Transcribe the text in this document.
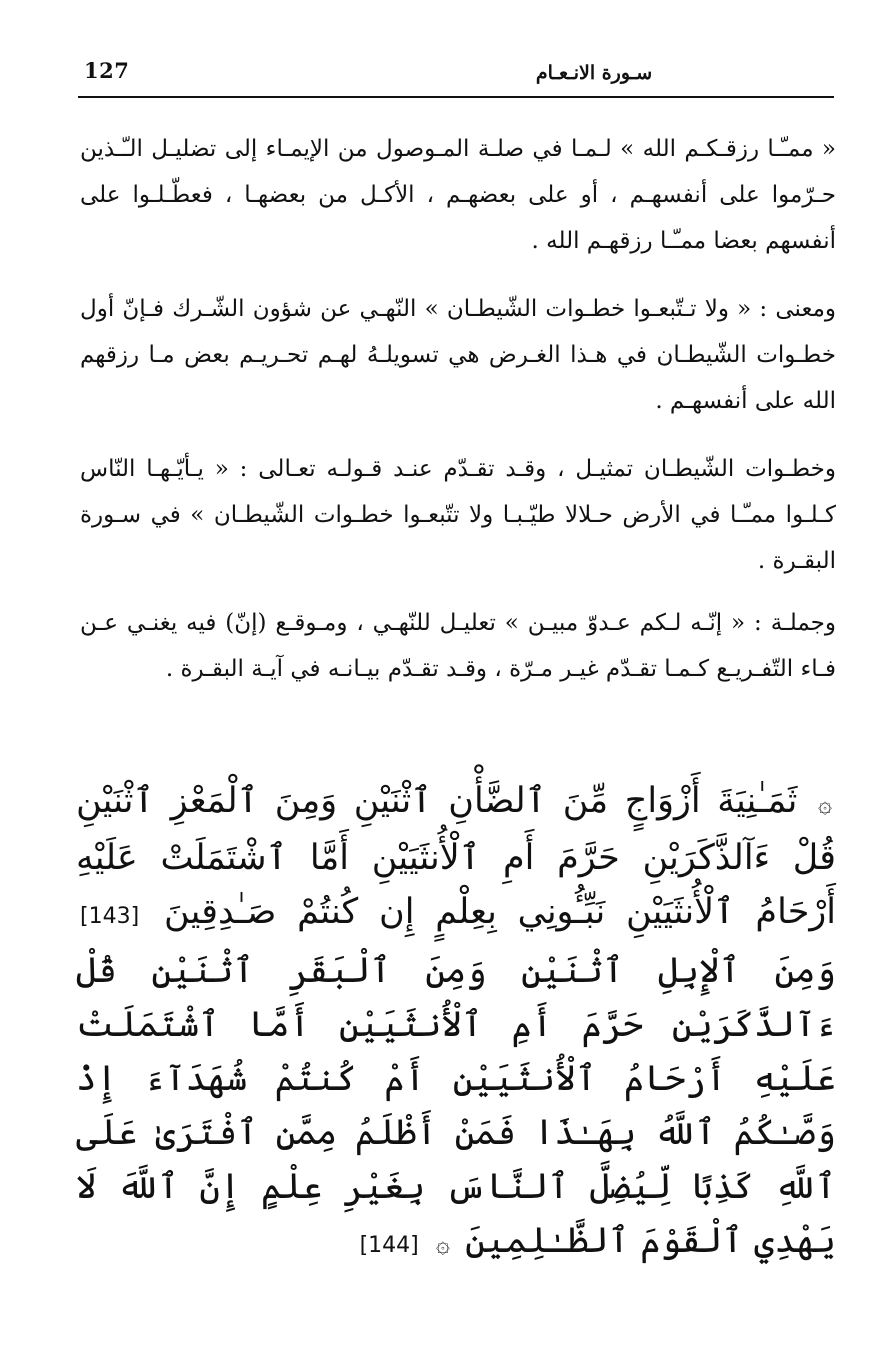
127	سـورة الانـعـام

« ممـّـا رزقـكـم الله » لـمـا في صلـة المـوصول من الإيمـاء إلى تضليـل الـّـذين حـرّموا على أنفسهـم ، أو على بعضهـم ، الأكـل من بعضهـا ، فعطّـلـوا على أنفسهم بعضا ممـّـا رزقهـم الله .

ومعنى : « ولا تـتّبعـوا خطـوات الشّيطـان » النّهـي عن شؤون الشّـرك فـإنّ أول خطـوات الشّيطـان في هـذا الغـرض هي تسويلـهُ لهـم تحـريـم بعض مـا رزقهم الله على أنفسهـم .

وخطـوات الشّيطـان تمثيـل ، وقـد تقـدّم عنـد قـولـه تعـالى : « يـأيّـهـا النّاس كـلـوا ممـّـا في الأرض حـلالا طيّـبـا ولا تتّبعـوا خطـوات الشّيطـان » في سـورة البقـرة .

وجملـة : « إنّـه لـكم عـدوّ مبيـن » تعليـل للنّهـي ، ومـوقـع (إنّ) فيه يغنـي عـن فـاء التّفـريـع كـمـا تقـدّم غيـر مـرّة ، وقـد تقـدّم بيـانـه في آيـة البقـرة .

۞ ثَمَـٰنِيَةَ أَزْوَاجٍ مِّنَ ٱلضَّأْنِ ٱثْنَيْنِ وَمِنَ ٱلْمَعْزِ ٱثْنَيْنِ قُلْ ءَآلذَّكَرَيْنِ حَرَّمَ أَمِ ٱلْأُنثَيَيْنِ أَمَّا ٱشْتَمَلَتْ عَلَيْهِ أَرْحَامُ ٱلْأُنثَيَيْنِ نَبِّـُٔونِي بِعِلْمٍ إِن كُنتُمْ صَـٰدِقِينَ [143] وَمِنَ ٱلْإِبِلِ ٱثْنَيْنِ وَمِنَ ٱلْبَقَرِ ٱثْنَيْنِ قُلْ ءَآلذَّكَرَيْنِ حَرَّمَ أَمِ ٱلْأُنثَيَيْنِ أَمَّا ٱشْتَمَلَتْ عَلَيْهِ أَرْحَامُ ٱلْأُنثَيَيْنِ أَمْ كُنتُمْ شُهَدَآءَ إِذْ وَصَّـٰكُمُ ٱللَّهُ بِهَـٰذَا فَمَنْ أَظْلَمُ مِمَّنِ ٱفْتَرَىٰ عَلَى ٱللَّهِ كَذِبًا لِّيُضِلَّ ٱلنَّاسَ بِغَيْرِ عِلْمٍ إِنَّ ٱللَّهَ لَا يَهْدِي ٱلْقَوْمَ ٱلظَّـٰلِمِينَ ۞ [144]
